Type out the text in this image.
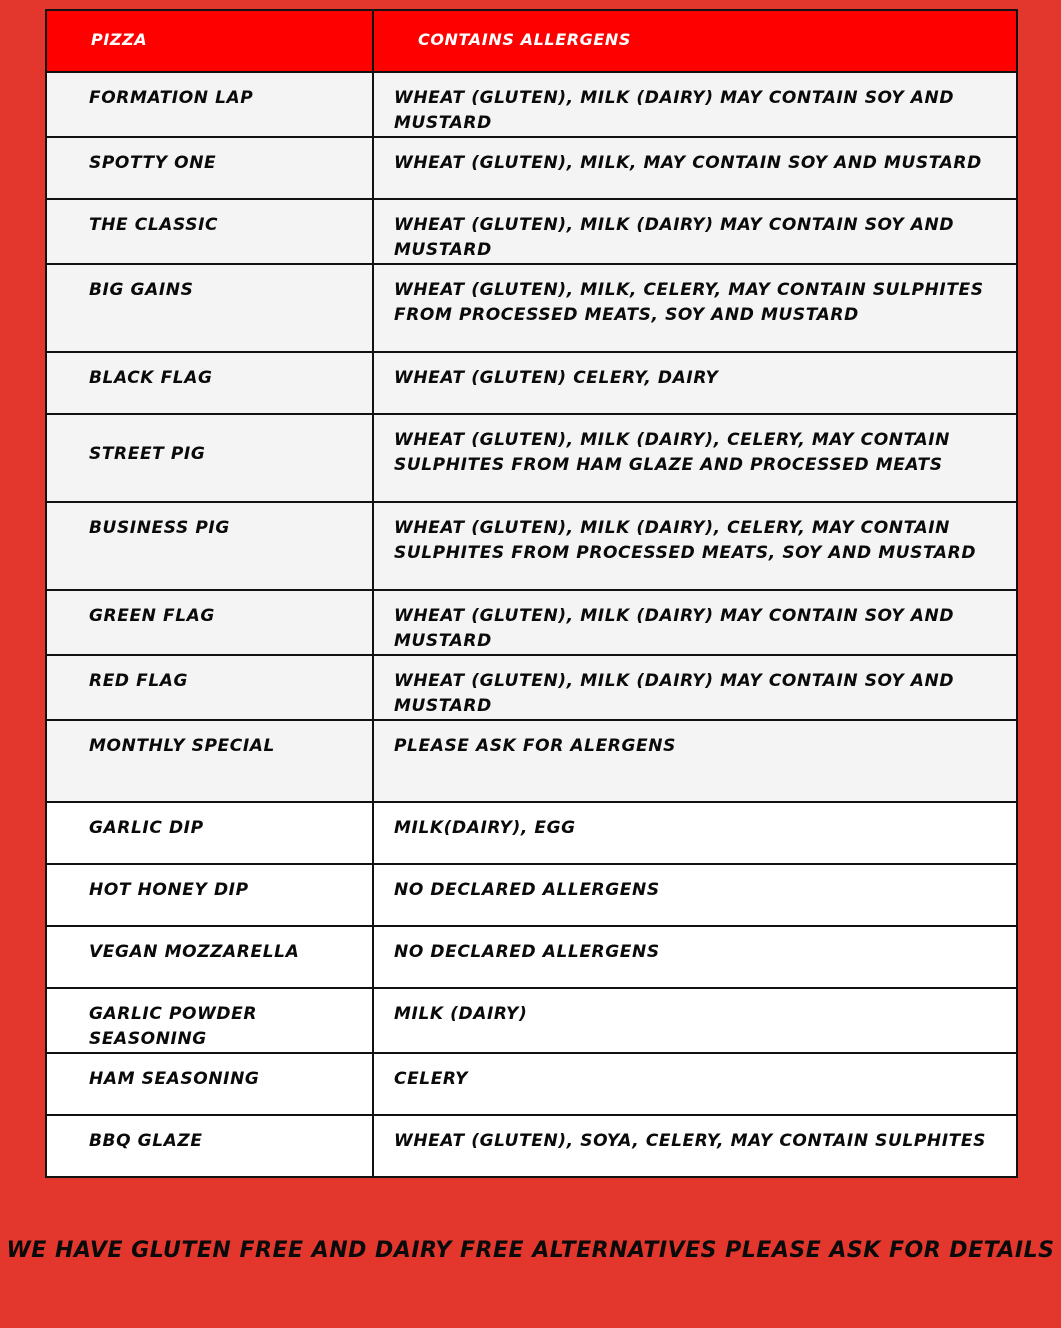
PIZZA	CONTAINS ALLERGENS

FORMATION LAP	WHEAT (GLUTEN), MILK (DAIRY) MAY CONTAIN SOY AND MUSTARD

SPOTTY ONE	WHEAT (GLUTEN), MILK, MAY CONTAIN SOY AND MUSTARD

THE CLASSIC	WHEAT (GLUTEN), MILK (DAIRY) MAY CONTAIN SOY AND MUSTARD

BIG GAINS	WHEAT (GLUTEN), MILK, CELERY, MAY CONTAIN SULPHITES FROM PROCESSED MEATS, SOY AND MUSTARD

BLACK FLAG	WHEAT (GLUTEN) CELERY, DAIRY

STREET PIG	WHEAT (GLUTEN), MILK (DAIRY), CELERY, MAY CONTAIN SULPHITES FROM HAM GLAZE AND PROCESSED MEATS

BUSINESS PIG	WHEAT (GLUTEN), MILK (DAIRY), CELERY, MAY CONTAIN SULPHITES FROM PROCESSED MEATS, SOY AND MUSTARD

GREEN FLAG	WHEAT (GLUTEN), MILK (DAIRY) MAY CONTAIN SOY AND MUSTARD

RED FLAG	WHEAT (GLUTEN), MILK (DAIRY) MAY CONTAIN SOY AND MUSTARD

MONTHLY SPECIAL	PLEASE ASK FOR ALERGENS

GARLIC DIP	MILK(DAIRY), EGG

HOT HONEY DIP	NO DECLARED ALLERGENS

VEGAN MOZZARELLA	NO DECLARED ALLERGENS

GARLIC POWDER SEASONING	MILK (DAIRY)

HAM SEASONING	CELERY

BBQ GLAZE	WHEAT (GLUTEN), SOYA, CELERY, MAY CONTAIN SULPHITES
WE HAVE GLUTEN FREE AND DAIRY FREE ALTERNATIVES PLEASE ASK FOR DETAILS
